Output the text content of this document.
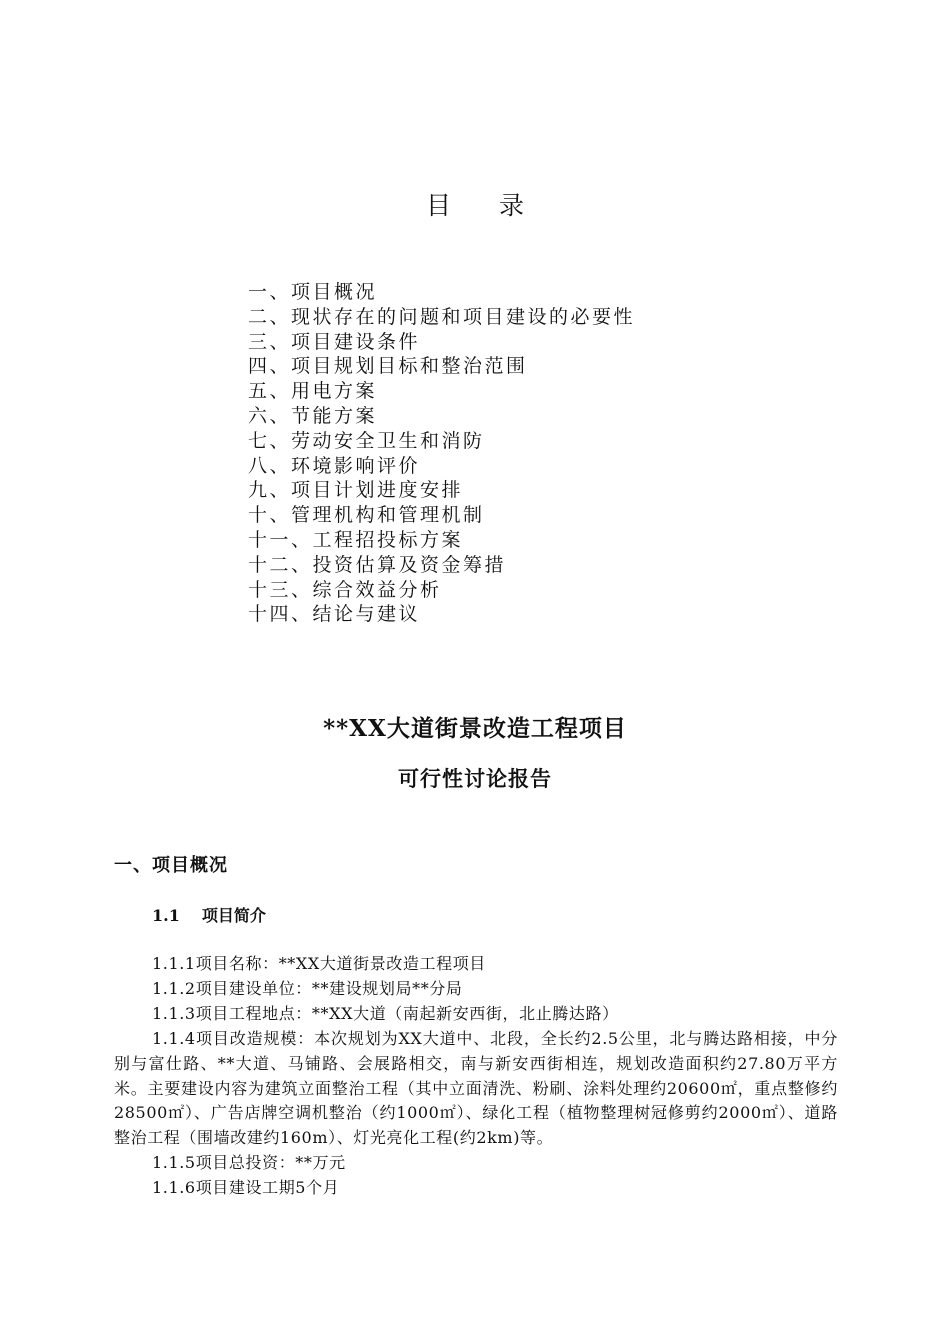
目录
一、项目概况
二、现状存在的问题和项目建设的必要性
三、项目建设条件
四、项目规划目标和整治范围
五、用电方案
六、节能方案
七、劳动安全卫生和消防
八、环境影响评价
九、项目计划进度安排
十、管理机构和管理机制
十一、工程招投标方案
十二、投资估算及资金筹措
十三、综合效益分析
十四、结论与建议
**XX大道街景改造工程项目
可行性讨论报告
一、项目概况
1.1 项目简介

1.1.1项目名称：**XX大道街景改造工程项目

1.1.2项目建设单位：**建设规划局**分局

1.1.3项目工程地点：**XX大道（南起新安西街，北止腾达路）

1.1.4项目改造规模：本次规划为XX大道中、北段，全长约2.5公里，北与腾达路相接，中分别与富仕路、**大道、马铺路、会展路相交，南与新安西街相连，规划改造面积约27.80万平方米。主要建设内容为建筑立面整治工程（其中立面清洗、粉刷、涂料处理约20600㎡，重点整修约28500㎡）、广告店牌空调机整治（约1000㎡）、绿化工程（植物整理树冠修剪约2000㎡）、道路整治工程（围墙改建约160m）、灯光亮化工程(约2km)等。

1.1.5项目总投资：**万元

1.1.6项目建设工期5个月
